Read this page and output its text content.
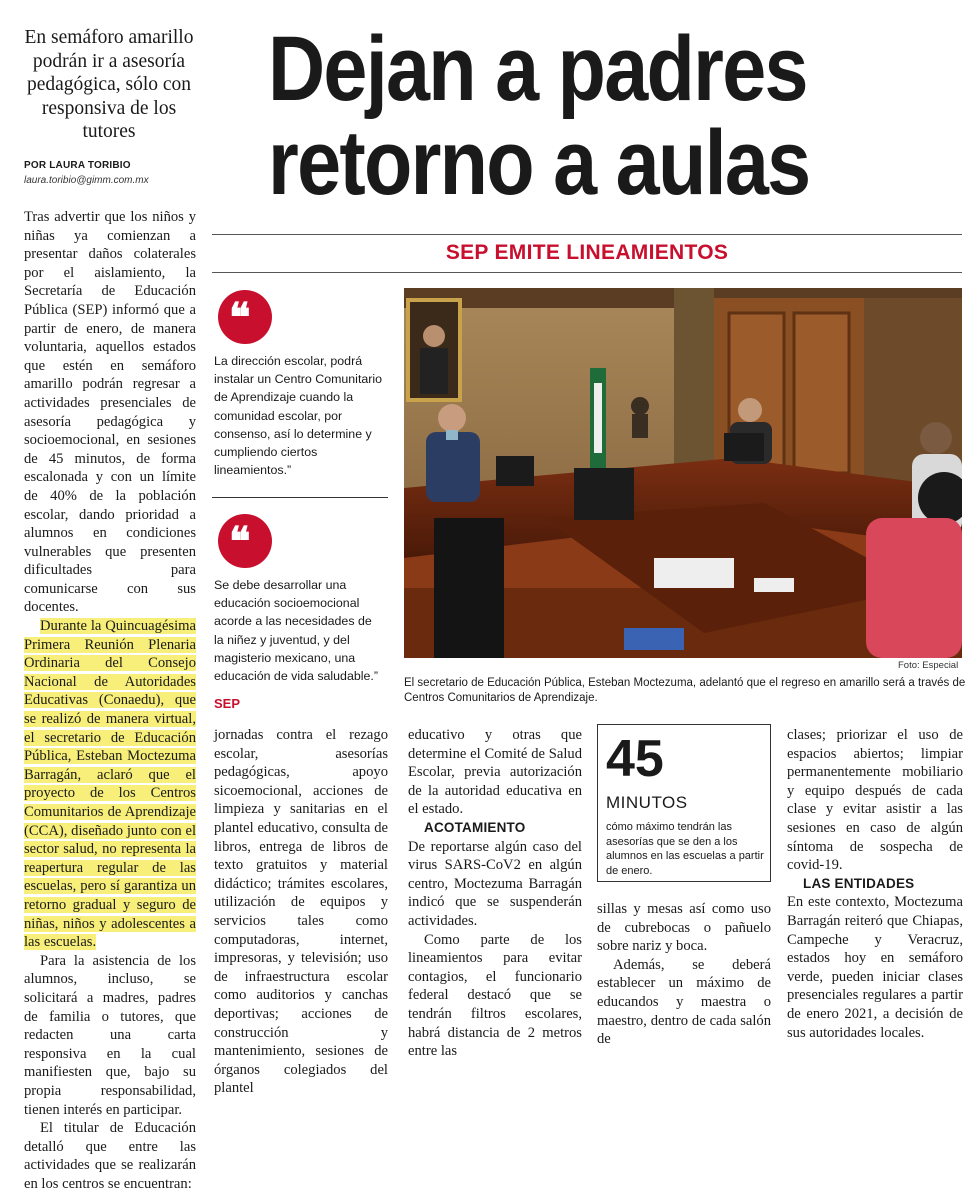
En semáforo amarillo podrán ir a asesoría pedagógica, sólo con responsiva de los tutores
Dejan a padres
retorno a aulas
POR LAURA TORIBIO
laura.toribio@gimm.com.mx
SEP EMITE LINEAMIENTOS

Tras advertir que los niños y niñas ya comienzan a presentar daños colaterales por el aislamiento, la Secretaría de Educación Pública (SEP) informó que a partir de enero, de manera voluntaria, aquellos estados que estén en semáforo amarillo podrán regresar a actividades presenciales de asesoría pedagógica y socioemocional, en sesiones de 45 minutos, de forma escalonada y con un límite de 40% de la población escolar, dando prioridad a alumnos en condiciones vulnerables que presenten dificultades para comunicarse con sus docentes.

Durante la Quincuagésima Primera Reunión Plenaria Ordinaria del Consejo Nacional de Autoridades Educativas (Conaedu), que se realizó de manera virtual, el secretario de Educación Pública, Esteban Moctezuma Barragán, aclaró que el proyecto de los Centros Comunitarios de Aprendizaje (CCA), diseñado junto con el sector salud, no representa la reapertura regular de las escuelas, pero sí garantiza un retorno gradual y seguro de niñas, niños y adolescentes a las escuelas.

Para la asistencia de los alumnos, incluso, se solicitará a madres, padres de familia o tutores, que redacten una carta responsiva en la cual manifiesten que, bajo su propia responsabilidad, tienen interés en participar.

El titular de Educación detalló que entre las actividades que se realizarán en los centros se encuentran:

❝
La dirección escolar, podrá instalar un Centro Comunitario de Aprendizaje cuando la comunidad escolar, por consenso, así lo determine y cumpliendo ciertos lineamientos.”
❝
Se debe desarrollar una educación socioemocional acorde a las necesidades de la niñez y juventud, y del magisterio mexicano, una educación de vida saludable.”
SEP
Foto: Especial
El secretario de Educación Pública, Esteban Moctezuma, adelantó que el regreso en amarillo será a través de Centros Comunitarios de Aprendizaje.

jornadas contra el rezago escolar, asesorías pedagógicas, apoyo sicoemocional, acciones de limpieza y sanitarias en el plantel educativo, consulta de libros, entrega de libros de texto gratuitos y material didáctico; trámites escolares, utilización de equipos y servicios tales como computadoras, internet, impresoras, y televisión; uso de infraestructura escolar como auditorios y canchas deportivas; acciones de construcción y mantenimiento, sesiones de órganos colegiados del plantel

educativo y otras que determine el Comité de Salud Escolar, previa autorización de la autoridad educativa en el estado.

ACOTAMIENTO

De reportarse algún caso del virus SARS-CoV2 en algún centro, Moctezuma Barragán indicó que se suspenderán actividades.

Como parte de los lineamientos para evitar contagios, el funcionario federal destacó que se tendrán filtros escolares, habrá distancia de 2 metros entre las

45
MINUTOS
cómo máximo tendrán las asesorías que se den a los alumnos en las escuelas a partir de enero.

sillas y mesas así como uso de cubrebocas o pañuelo sobre nariz y boca.

Además, se deberá establecer un máximo de educandos y maestra o maestro, dentro de cada salón de

clases; priorizar el uso de espacios abiertos; limpiar permanentemente mobiliario y equipo después de cada clase y evitar asistir a las sesiones en caso de algún síntoma de sospecha de covid-19.

LAS ENTIDADES

En este contexto, Moctezuma Barragán reiteró que Chiapas, Campeche y Veracruz, estados hoy en semáforo verde, pueden iniciar clases presenciales regulares a partir de enero 2021, a decisión de sus autoridades locales.
